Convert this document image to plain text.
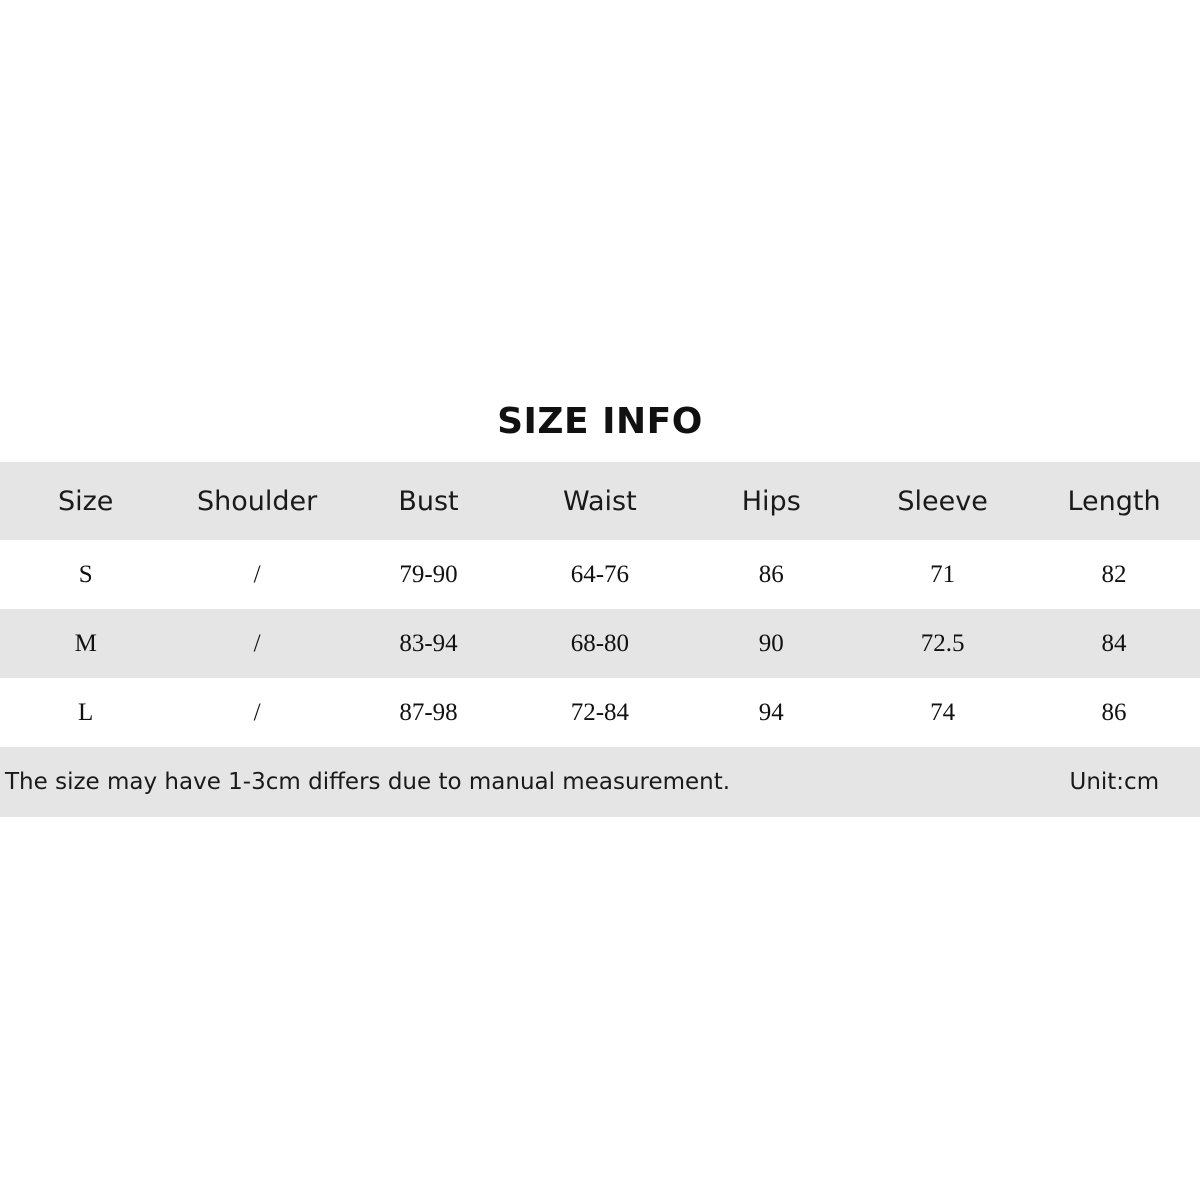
SIZE INFO
Size	Shoulder	Bust	Waist	Hips	Sleeve	Length
S	/	79-90	64-76	86	71	82
M	/	83-94	68-80	90	72.5	84
L	/	87-98	72-84	94	74	86
The size may have 1-3cm differs due to manual measurement.	Unit:cm
